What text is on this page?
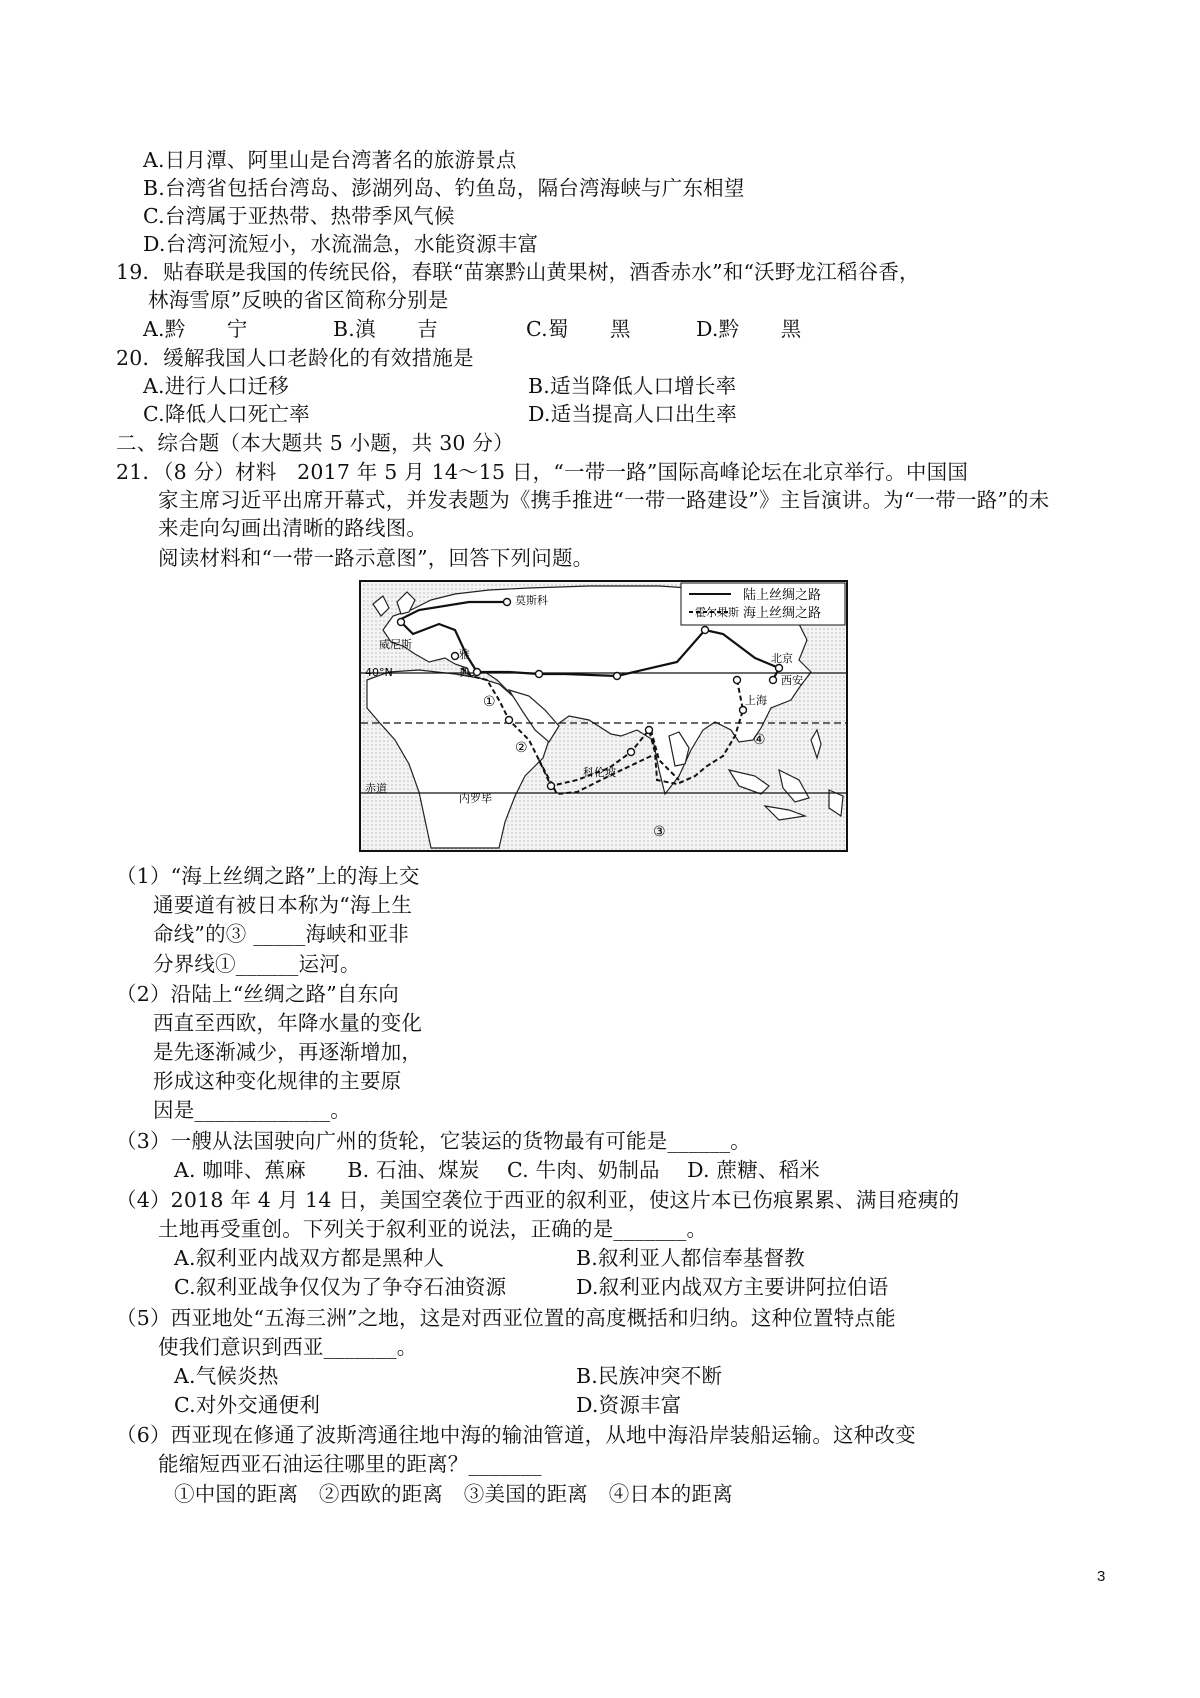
A.日月潭、阿里山是台湾著名的旅游景点
B.台湾省包括台湾岛、澎湖列岛、钓鱼岛，隔台湾海峡与广东相望
C.台湾属于亚热带、热带季风气候
D.台湾河流短小，水流湍急，水能资源丰富
19．贴春联是我国的传统民俗，春联“苗寨黔山黄果树，酒香赤水”和“沃野龙江稻谷香，
林海雪原”反映的省区简称分别是
A.黔　　宁	B.滇　　吉	C.蜀　　黑	D.黔　　黑
20．缓解我国人口老龄化的有效措施是
A.进行人口迁移	B.适当降低人口增长率
C.降低人口死亡率	D.适当提高人口出生率
二、综合题（本大题共 5 小题，共 30 分）
21．（8 分）材料　2017 年 5 月 14～15 日，“一带一路”国际高峰论坛在北京举行。中国国
家主席习近平出席开幕式，并发表题为《携手推进“一带一路建设”》主旨演讲。为“一带一路”的未
来走向勾画出清晰的路线图。
阅读材料和“一带一路示意图”，回答下列问题。
陆上丝绸之路
海上丝绸之路
莫斯科
威尼斯
雅
典
霍尔果斯
北京
西安
上海
科伦坡
内罗毕
40°N
赤道
①
②
③
④
（1）“海上丝绸之路”上的海上交
通要道有被日本称为“海上生
命线”的③ _____海峡和亚非
分界线①______运河。
（2）沿陆上“丝绸之路”自东向
西直至西欧，年降水量的变化
是先逐渐减少，再逐渐增加，
形成这种变化规律的主要原
因是_____________。
（3）一艘从法国驶向广州的货轮，它装运的货物最有可能是______。
A. 咖啡、蕉麻　　B. 石油、煤炭　 C. 牛肉、奶制品　 D. 蔗糖、稻米
（4）2018 年 4 月 14 日，美国空袭位于西亚的叙利亚，使这片本已伤痕累累、满目疮痍的
土地再受重创。下列关于叙利亚的说法，正确的是_______。
A.叙利亚内战双方都是黑种人	B.叙利亚人都信奉基督教
C.叙利亚战争仅仅为了争夺石油资源	D.叙利亚内战双方主要讲阿拉伯语
（5）西亚地处“五海三洲”之地，这是对西亚位置的高度概括和归纳。这种位置特点能
使我们意识到西亚_______。
A.气候炎热	B.民族冲突不断
C.对外交通便利	D.资源丰富
（6）西亚现在修通了波斯湾通往地中海的输油管道，从地中海沿岸装船运输。这种改变
能缩短西亚石油运往哪里的距离？_______
①中国的距离　②西欧的距离　③美国的距离　④日本的距离
3
